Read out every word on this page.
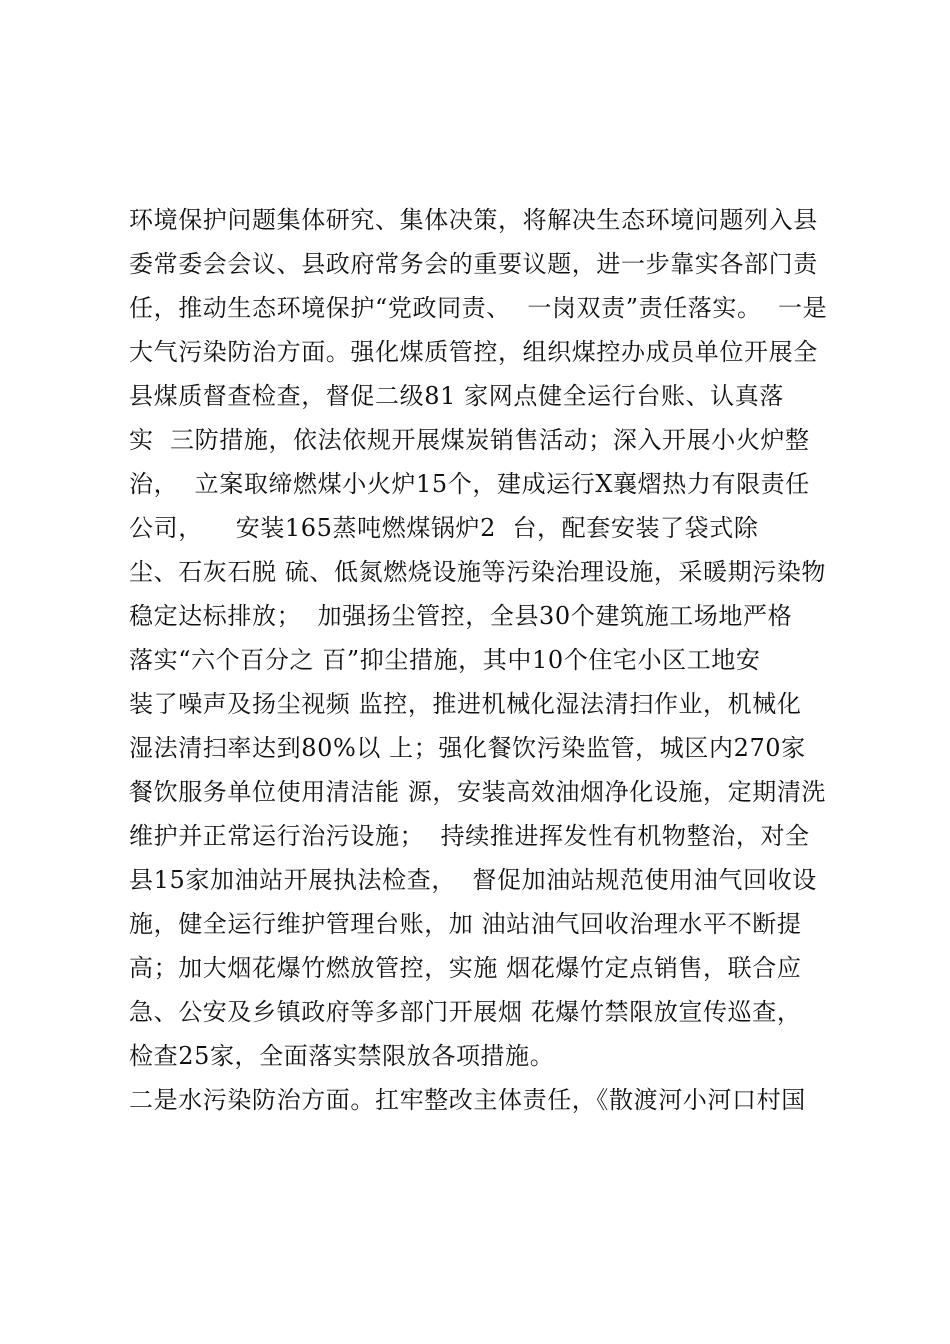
环境保护问题集体研究、集体决策，将解决生态环境问题列入县
委常委会会议、县政府常务会的重要议题，进一步靠实各部门责
任，推动生态环境保护“党政同责、  一岗双责”责任落实。  一是
大气污染防治方面。强化煤质管控，组织煤控办成员单位开展全
县煤质督查检查，督促二级81 家网点健全运行台账、认真落
实  三防措施，依法依规开展煤炭销售活动；深入开展小火炉整
治，  立案取缔燃煤小火炉15个，建成运行X襄熠热力有限责任
公司，    安装165蒸吨燃煤锅炉2  台，配套安装了袋式除
尘、石灰石脱 硫、低氮燃烧设施等污染治理设施，采暖期污染物
稳定达标排放；  加强扬尘管控，全县30个建筑施工场地严格
落实“六个百分之 百”抑尘措施，其中10个住宅小区工地安
装了噪声及扬尘视频 监控，推进机械化湿法清扫作业，机械化
湿法清扫率达到80%以 上；强化餐饮污染监管，城区内270家
餐饮服务单位使用清洁能 源，安装高效油烟净化设施，定期清洗
维护并正常运行治污设施；  持续推进挥发性有机物整治，对全
县15家加油站开展执法检查，  督促加油站规范使用油气回收设
施，健全运行维护管理台账，加 油站油气回收治理水平不断提
高；加大烟花爆竹燃放管控，实施 烟花爆竹定点销售，联合应
急、公安及乡镇政府等多部门开展烟 花爆竹禁限放宣传巡查，
检查25家，全面落实禁限放各项措施。
二是水污染防治方面。扛牢整改主体责任，《散渡河小河口村国
